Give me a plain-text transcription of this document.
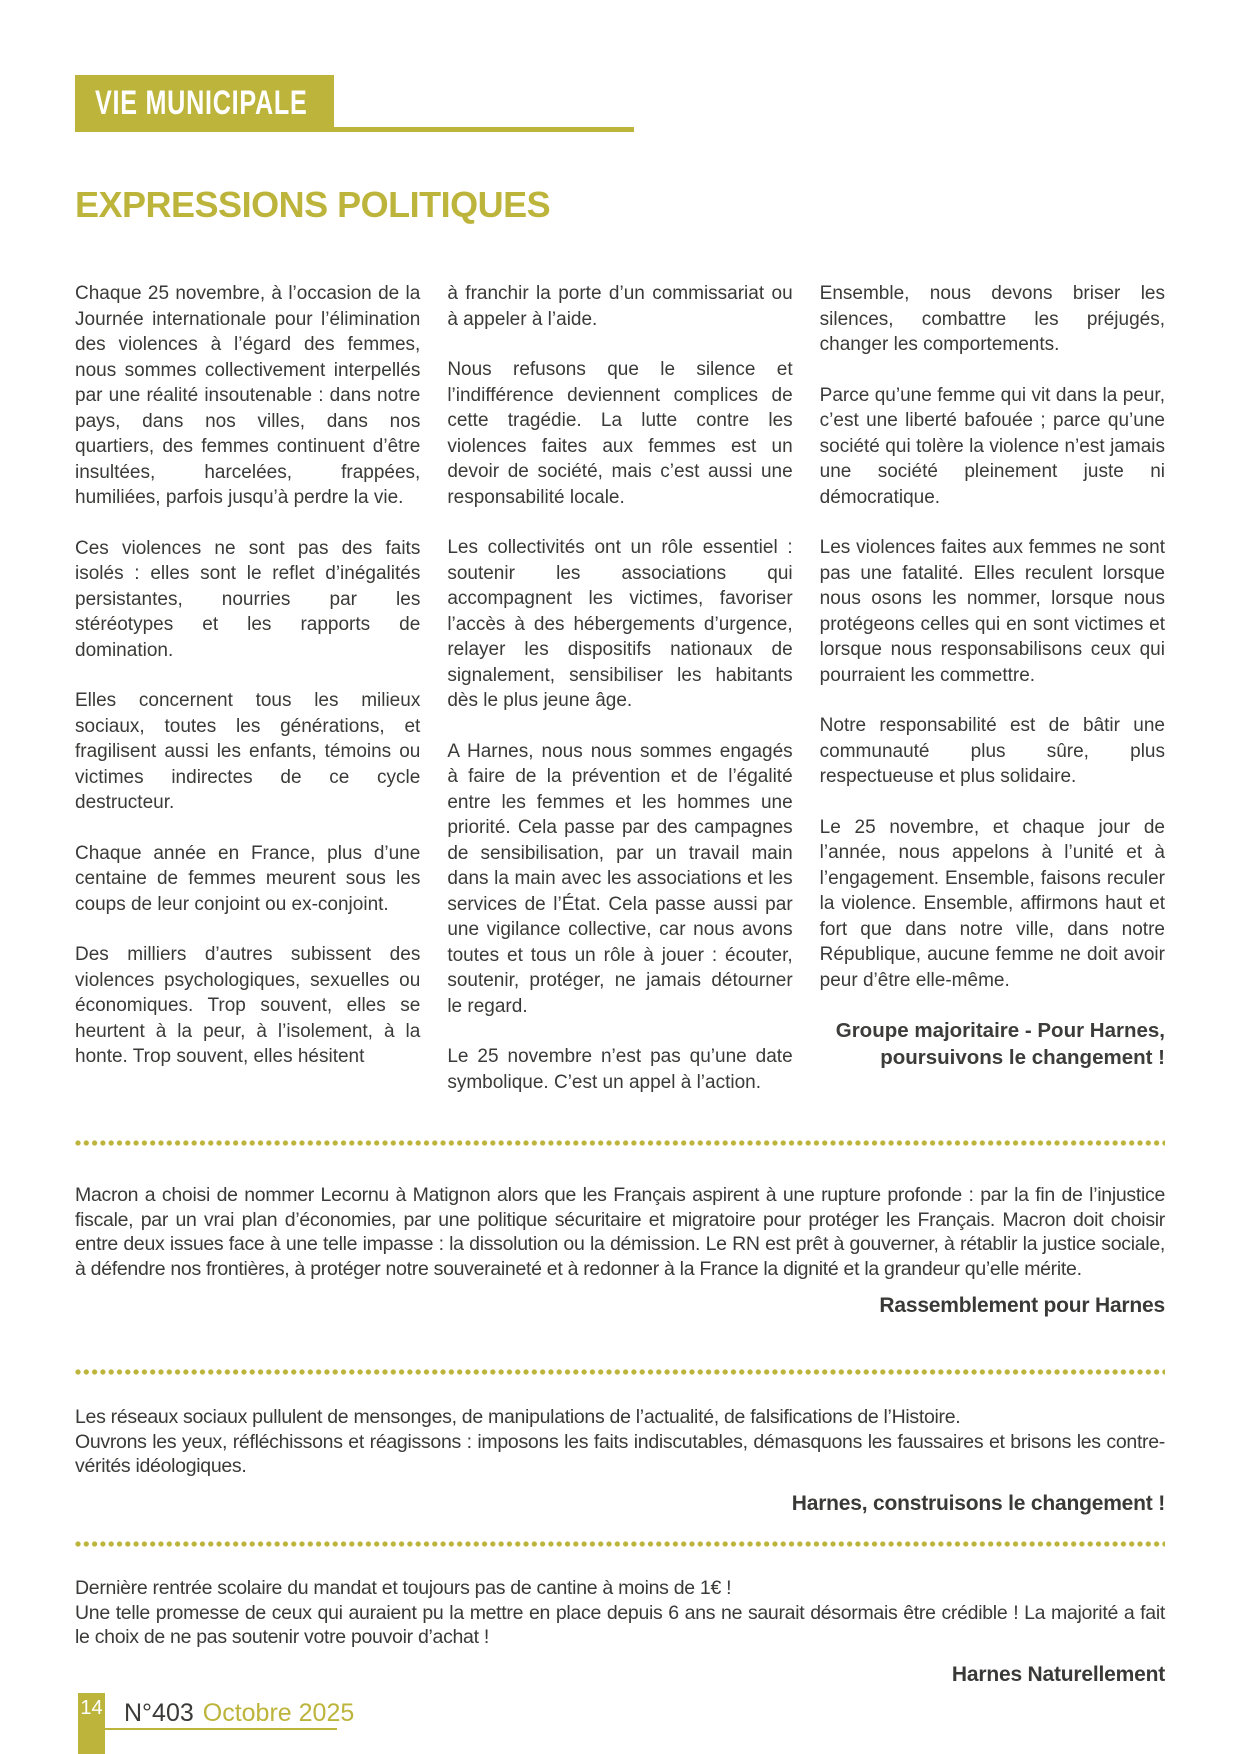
VIE MUNICIPALE
EXPRESSIONS POLITIQUES

Chaque 25 novembre, à l’occasion de la Journée internationale pour l’élimination des violences à l’égard des femmes, nous sommes collectivement interpellés par une réalité insoutenable : dans notre pays, dans nos villes, dans nos quartiers, des femmes continuent d’être insultées, harcelées, frappées, humiliées, parfois jusqu’à perdre la vie.

Ces violences ne sont pas des faits isolés : elles sont le reflet d’inégalités persistantes, nourries par les stéréotypes et les rapports de domination.

Elles concernent tous les milieux sociaux, toutes les générations, et fragilisent aussi les enfants, témoins ou victimes indirectes de ce cycle destructeur.

Chaque année en France, plus d’une centaine de femmes meurent sous les coups de leur conjoint ou ex-conjoint.

Des milliers d’autres subissent des violences psychologiques, sexuelles ou économiques. Trop souvent, elles se heurtent à la peur, à l’isolement, à la honte. Trop souvent, elles hésitent

à franchir la porte d’un commissariat ou à appeler à l’aide.

Nous refusons que le silence et l’indifférence deviennent complices de cette tragédie. La lutte contre les violences faites aux femmes est un devoir de société, mais c’est aussi une responsabilité locale.

Les collectivités ont un rôle essentiel : soutenir les associations qui accompagnent les victimes, favoriser l’accès à des hébergements d’urgence, relayer les dispositifs nationaux de signalement, sensibiliser les habitants dès le plus jeune âge.

A Harnes, nous nous sommes engagés à faire de la prévention et de l’égalité entre les femmes et les hommes une priorité. Cela passe par des campagnes de sensibilisation, par un travail main dans la main avec les associations et les services de l’État. Cela passe aussi par une vigilance collective, car nous avons toutes et tous un rôle à jouer : écouter, soutenir, protéger, ne jamais détourner le regard.

Le 25 novembre n’est pas qu’une date symbolique. C’est un appel à l’action.

Ensemble, nous devons briser les silences, combattre les préjugés, changer les comportements.

Parce qu’une femme qui vit dans la peur, c’est une liberté bafouée ; parce qu’une société qui tolère la violence n’est jamais une société pleinement juste ni démocratique.

Les violences faites aux femmes ne sont pas une fatalité. Elles reculent lorsque nous osons les nommer, lorsque nous protégeons celles qui en sont victimes et lorsque nous responsabilisons ceux qui pourraient les commettre.

Notre responsabilité est de bâtir une communauté plus sûre, plus respectueuse et plus solidaire.

Le 25 novembre, et chaque jour de l’année, nous appelons à l’unité et à l’engagement. Ensemble, faisons reculer la violence. Ensemble, affirmons haut et fort que dans notre ville, dans notre République, aucune femme ne doit avoir peur d’être elle-même.

Groupe majoritaire - Pour Harnes,
poursuivons le changement !

Macron a choisi de nommer Lecornu à Matignon alors que les Français aspirent à une rupture profonde : par la fin de l’injustice fiscale, par un vrai plan d’économies, par une politique sécuritaire et migratoire pour protéger les Français. Macron doit choisir entre deux issues face à une telle impasse : la dissolution ou la démission. Le RN est prêt à gouverner, à rétablir la justice sociale, à défendre nos frontières, à protéger notre souveraineté et à redonner à la France la dignité et la grandeur qu’elle mérite.

Rassemblement pour Harnes

Les réseaux sociaux pullulent de mensonges, de manipulations de l’actualité, de falsifications de l’Histoire.

Ouvrons les yeux, réfléchissons et réagissons : imposons les faits indiscutables, démasquons les faussaires et brisons les contre-vérités idéologiques.

Harnes, construisons le changement !

Dernière rentrée scolaire du mandat et toujours pas de cantine à moins de 1€ !

Une telle promesse de ceux qui auraient pu la mettre en place depuis 6 ans ne saurait désormais être crédible ! La majorité a fait le choix de ne pas soutenir votre pouvoir d’achat !

Harnes Naturellement
14 N°403 Octobre 2025
